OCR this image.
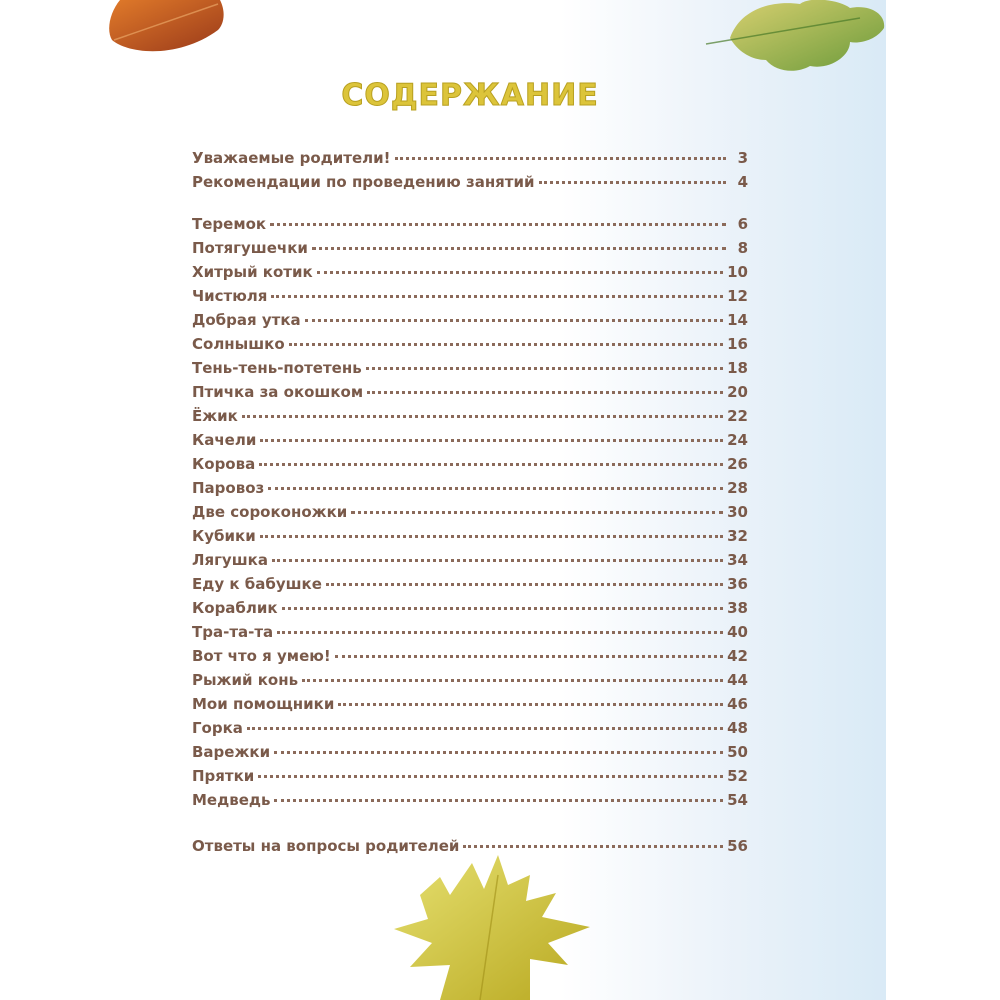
СОДЕРЖАНИЕ
Уважаемые родители!	3
Рекомендации по проведению занятий	4
Теремок	6
Потягушечки	8
Хитрый котик	10
Чистюля	12
Добрая утка	14
Солнышко	16
Тень-тень-потетень	18
Птичка за окошком	20
Ёжик	22
Качели	24
Корова	26
Паровоз	28
Две сороконожки	30
Кубики	32
Лягушка	34
Еду к бабушке	36
Кораблик	38
Тра-та-та	40
Вот что я умею!	42
Рыжий конь	44
Мои помощники	46
Горка	48
Варежки	50
Прятки	52
Медведь	54
Ответы на вопросы родителей	56
